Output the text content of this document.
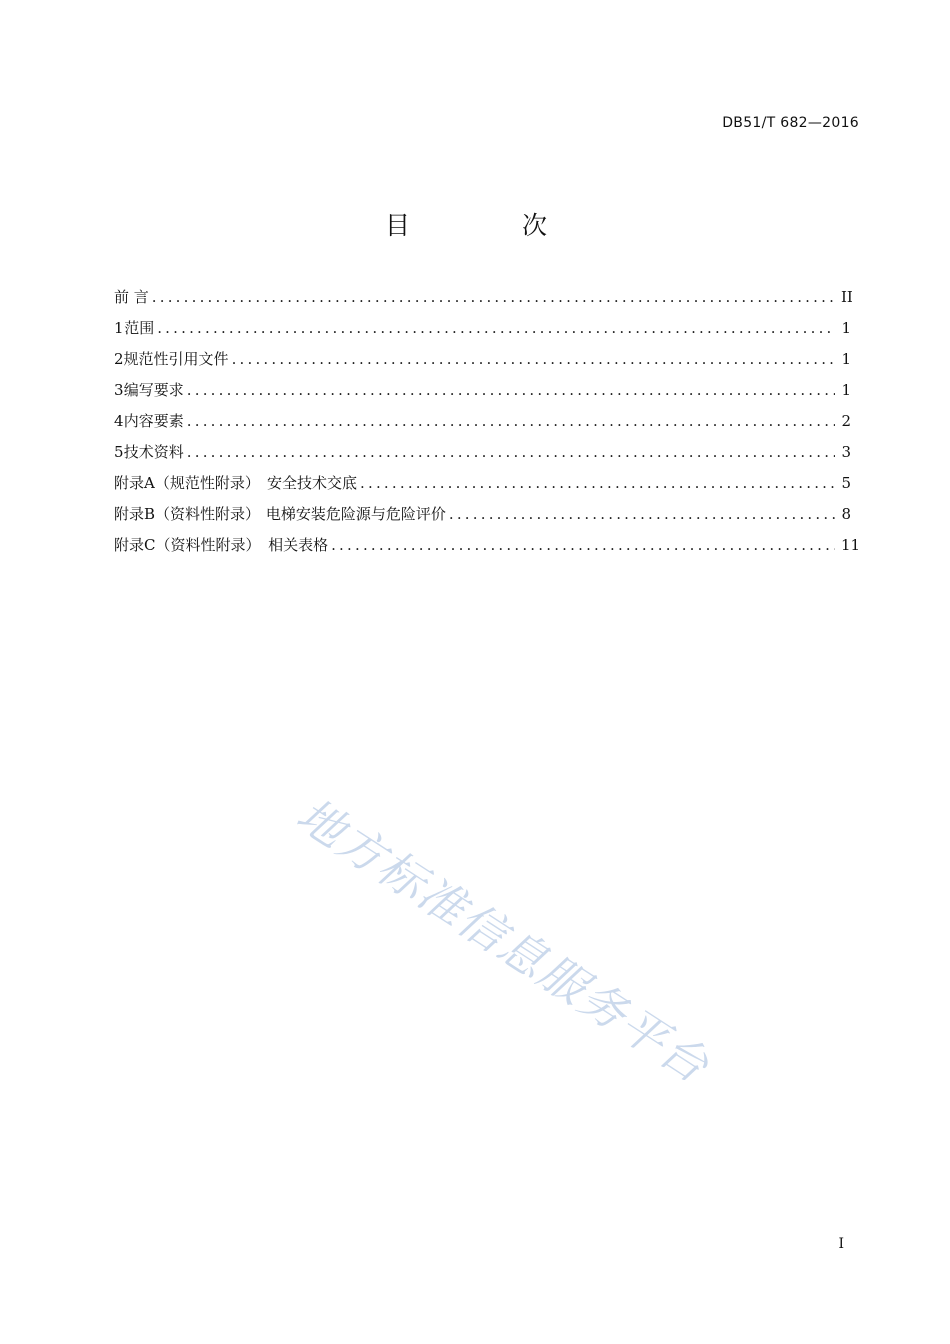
DB51/T 682—2016
目 次
前 言 .....	II
1 范围 .....	1
2 规范性引用文件 .....	1
3 编写要求 .....	1
4 内容要素 .....	2
5 技术资料 .....	3
附录A（规范性附录） 安全技术交底 .....	5
附录B（资料性附录） 电梯安装危险源与危险评价 .....	8
附录C（资料性附录） 相关表格 .....	11
地方标准信息服务平台
I
